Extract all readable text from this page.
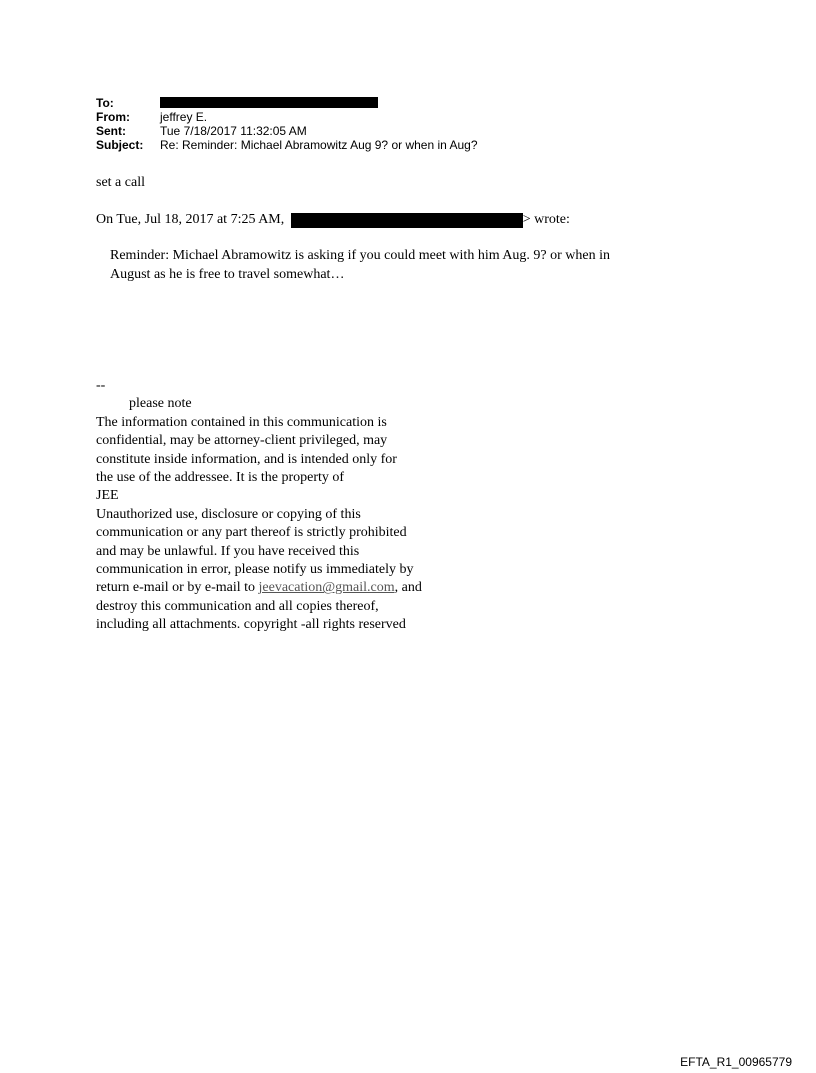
To:
From:	jeffrey E.
Sent:	Tue 7/18/2017 11:32:05 AM
Subject:	Re: Reminder: Michael Abramowitz Aug 9? or when in Aug?
set a call
On Tue, Jul 18, 2017 at 7:25 AM,	> wrote:
Reminder: Michael Abramowitz is asking if you could meet with him Aug. 9? or when in
August as he is free to travel somewhat…
--
please note
The information contained in this communication is
confidential, may be attorney-client privileged, may
constitute inside information, and is intended only for
the use of the addressee. It is the property of
JEE
Unauthorized use, disclosure or copying of this
communication or any part thereof is strictly prohibited
and may be unlawful. If you have received this
communication in error, please notify us immediately by
return e-mail or by e-mail to jeevacation@gmail.com, and
destroy this communication and all copies thereof,
including all attachments. copyright -all rights reserved
EFTA_R1_00965779
